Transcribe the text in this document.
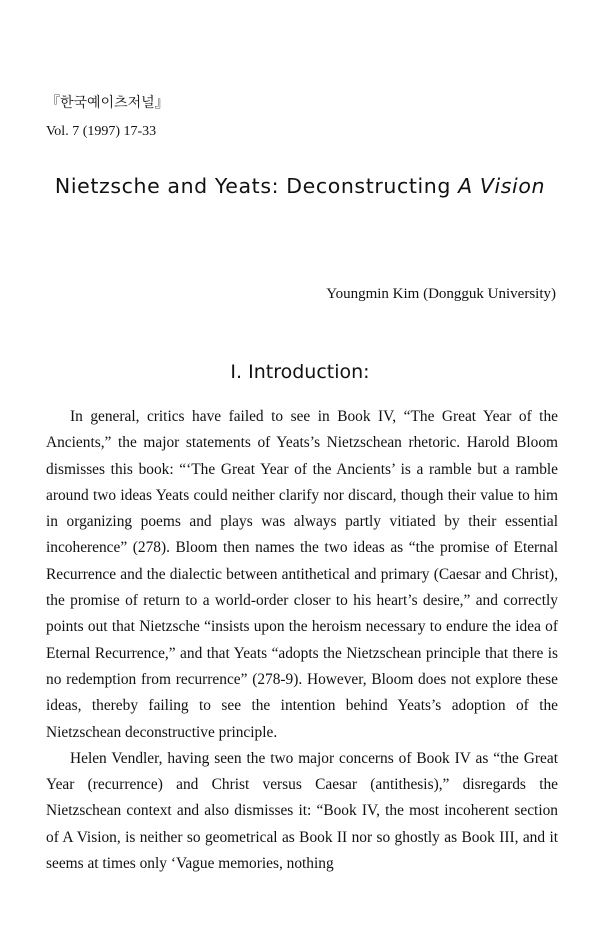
『한국예이츠저널』
Vol. 7 (1997) 17-33
Nietzsche and Yeats: Deconstructing A Vision
Youngmin Kim (Dongguk University)
I. Introduction:

In general, critics have failed to see in Book IV, “The Great Year of the Ancients,” the major statements of Yeats’s Nietzschean rhetoric. Harold Bloom dismisses this book: “‘The Great Year of the Ancients’ is a ramble but a ramble around two ideas Yeats could neither clarify nor discard, though their value to him in organizing poems and plays was always partly vitiated by their essential incoherence” (278). Bloom then names the two ideas as “the promise of Eternal Recurrence and the dialectic between antithetical and primary (Caesar and Christ), the promise of return to a world-order closer to his heart’s desire,” and correctly points out that Nietzsche “insists upon the heroism necessary to endure the idea of Eternal Recurrence,” and that Yeats “adopts the Nietzschean principle that there is no redemption from recurrence” (278-9). However, Bloom does not explore these ideas, thereby failing to see the intention behind Yeats’s adoption of the Nietzschean deconstructive principle.

Helen Vendler, having seen the two major concerns of Book IV as “the Great Year (recurrence) and Christ versus Caesar (antithesis),” disregards the Nietzschean context and also dismisses it: “Book IV, the most incoherent section of A Vision, is neither so geometrical as Book II nor so ghostly as Book III, and it seems at times only ‘Vague memories, nothing
